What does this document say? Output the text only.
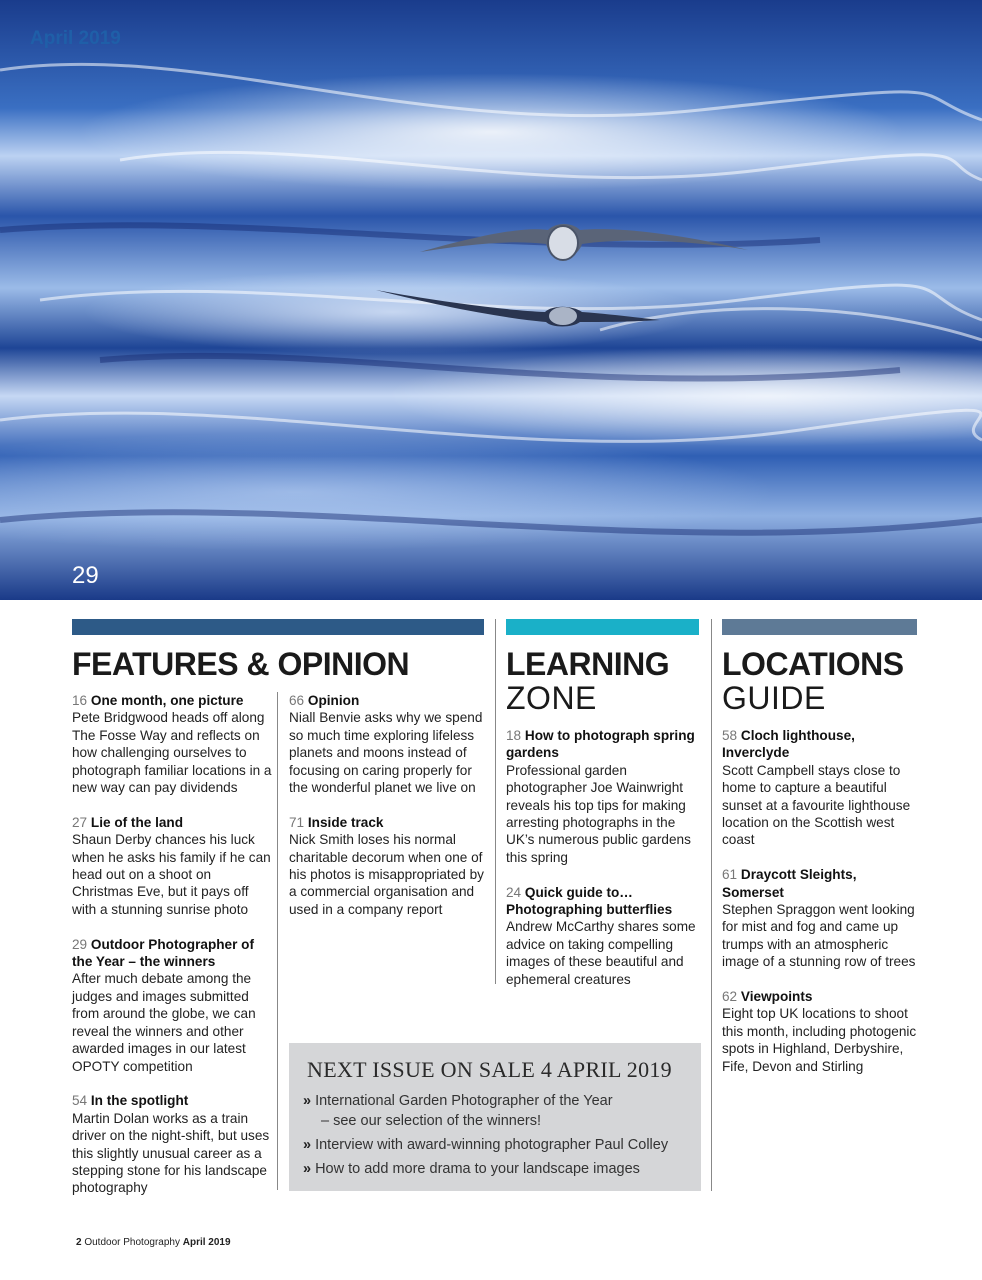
April 2019
29
FEATURES & OPINION	LEARNING
ZONE
LOCATIONS
GUIDE
16 One month, one picture
Pete Bridgwood heads off along The Fosse Way and reflects on how challenging ourselves to photograph familiar locations in a new way can pay dividends
27 Lie of the land
Shaun Derby chances his luck when he asks his family if he can head out on a shoot on Christmas Eve, but it pays off with a stunning sunrise photo
29 Outdoor Photographer of the Year – the winners
After much debate among the judges and images submitted from around the globe, we can reveal the winners and other awarded images in our latest OPOTY competition
54 In the spotlight
Martin Dolan works as a train driver on the night-shift, but uses this slightly unusual career as a stepping stone for his landscape photography
66 Opinion
Niall Benvie asks why we spend so much time exploring lifeless planets and moons instead of focusing on caring properly for the wonderful planet we live on
71 Inside track
Nick Smith loses his normal charitable decorum when one of his photos is misappropriated by a commercial organisation and used in a company report
18 How to photograph spring gardens
Professional garden photographer Joe Wainwright reveals his top tips for making arresting photographs in the UK’s numerous public gardens this spring
24 Quick guide to… Photographing butterflies
Andrew McCarthy shares some advice on taking compelling images of these beautiful and ephemeral creatures
58 Cloch lighthouse, Inverclyde
Scott Campbell stays close to home to capture a beautiful sunset at a favourite lighthouse location on the Scottish west coast
61 Draycott Sleights, Somerset
Stephen Spraggon went looking for mist and fog and came up trumps with an atmospheric image of a stunning row of trees
62 Viewpoints
Eight top UK locations to shoot this month, including photogenic spots in Highland, Derbyshire, Fife, Devon and Stirling
NEXT ISSUE ON SALE 4 APRIL 2019
» International Garden Photographer of the Year
– see our selection of the winners!
» Interview with award-winning photographer Paul Colley
» How to add more drama to your landscape images
2 Outdoor Photography April 2019
